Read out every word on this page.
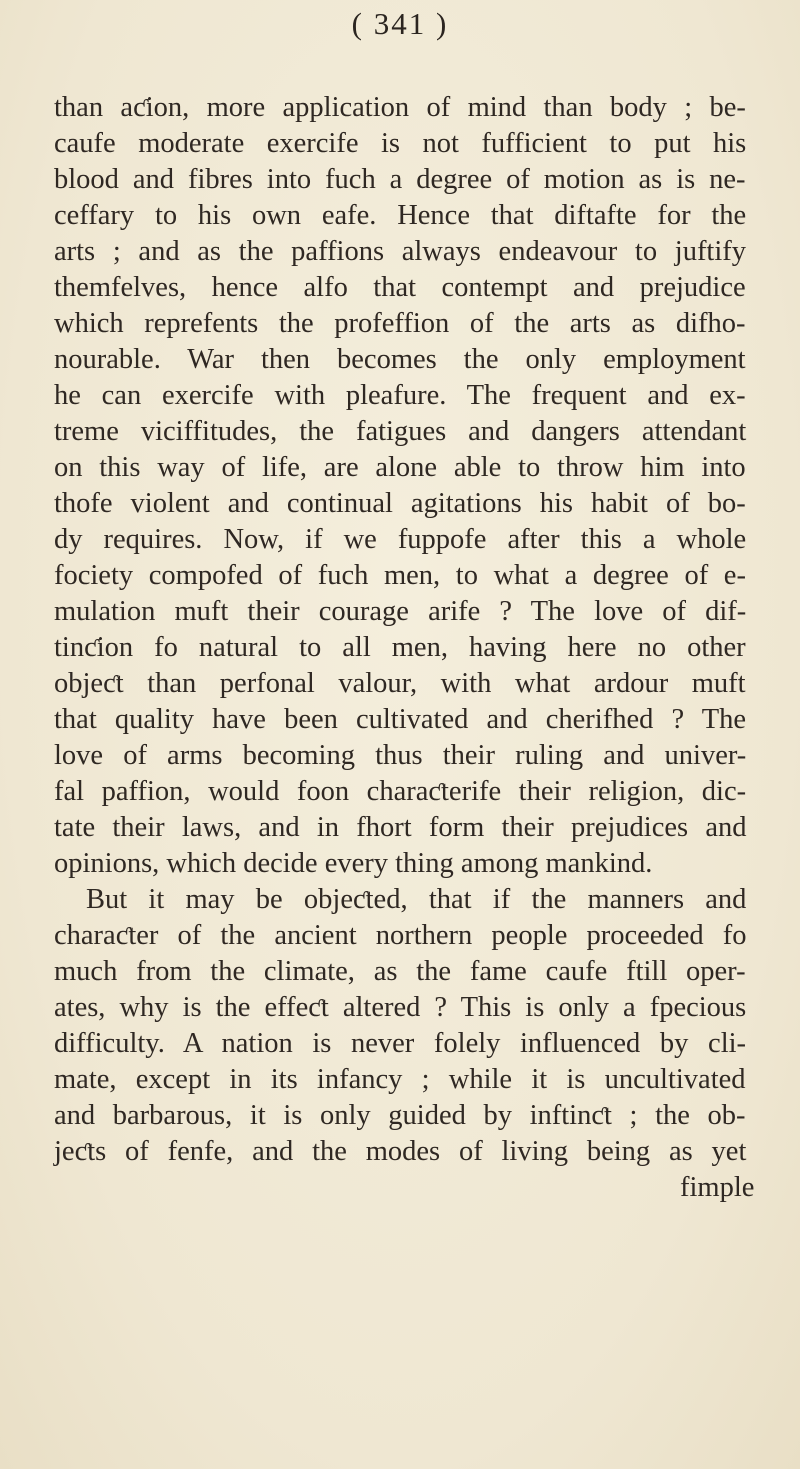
( 341 )
than aƈion, more application of mind than body ; be-
caufe moderate exercife is not fufficient to put his
blood and fibres into fuch a degree of motion as is ne-
ceffary to his own eafe. Hence that diftafte for the
arts ; and as the paffions always endeavour to juftify
themfelves, hence alfo that contempt and prejudice
which reprefents the profeffion of the arts as difho-
nourable. War then becomes the only employment
he can exercife with pleafure. The frequent and ex-
treme viciffitudes, the fatigues and dangers attendant
on this way of life, are alone able to throw him into
thofe violent and continual agitations his habit of bo-
dy requires. Now, if we fuppofe after this a whole
fociety compofed of fuch men, to what a degree of e-
mulation muft their courage arife ? The love of dif-
tinƈion fo natural to all men, having here no other
objeƈt than perfonal valour, with what ardour muft
that quality have been cultivated and cherifhed ? The
love of arms becoming thus their ruling and univer-
fal paffion, would foon charaƈterife their religion, dic-
tate their laws, and in fhort form their prejudices and
opinions, which decide every thing among mankind.
But it may be objeƈted, that if the manners and
charaƈter of the ancient northern people proceeded fo
much from the climate, as the fame caufe ftill oper-
ates, why is the effeƈt altered ? This is only a fpecious
difficulty. A nation is never folely influenced by cli-
mate, except in its infancy ; while it is uncultivated
and barbarous, it is only guided by inftinƈt ; the ob-
jeƈts of fenfe, and the modes of living being as yet
fimple
